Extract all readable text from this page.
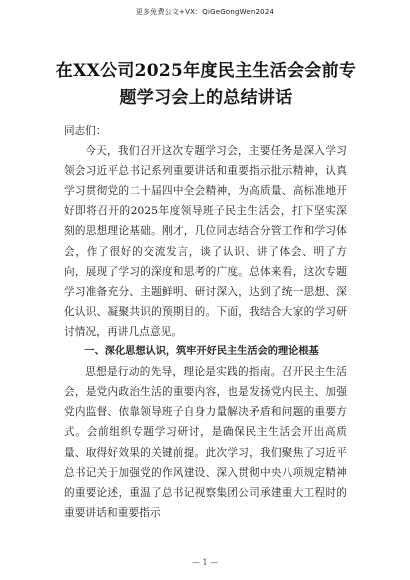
更多免费公文+VX：QiGeGongWen2024
在XX公司2025年度民主生活会会前专题学习会上的总结讲话

同志们：

今天，我们召开这次专题学习会，主要任务是深入学习领会习近平总书记系列重要讲话和重要指示批示精神，认真学习贯彻党的二十届四中全会精神，为高质量、高标准地开好即将召开的2025年度领导班子民主生活会，打下坚实深刻的思想理论基础。刚才，几位同志结合分管工作和学习体会，作了很好的交流发言，谈了认识、讲了体会、明了方向，展现了学习的深度和思考的广度。总体来看，这次专题学习准备充分、主题鲜明、研讨深入，达到了统一思想、深化认识、凝聚共识的预期目的。下面，我结合大家的学习研讨情况，再讲几点意见。

一、深化思想认识，筑牢开好民主生活会的理论根基

思想是行动的先导，理论是实践的指南。召开民主生活会，是党内政治生活的重要内容，也是发扬党内民主、加强党内监督、依靠领导班子自身力量解决矛盾和问题的重要方式。会前组织专题学习研讨，是确保民主生活会开出高质量、取得好效果的关键前提。此次学习，我们聚焦了习近平总书记关于加强党的作风建设、深入贯彻中央八项规定精神的重要论述，重温了总书记视察集团公司承建重大工程时的重要讲话和重要指示

— 1 —
